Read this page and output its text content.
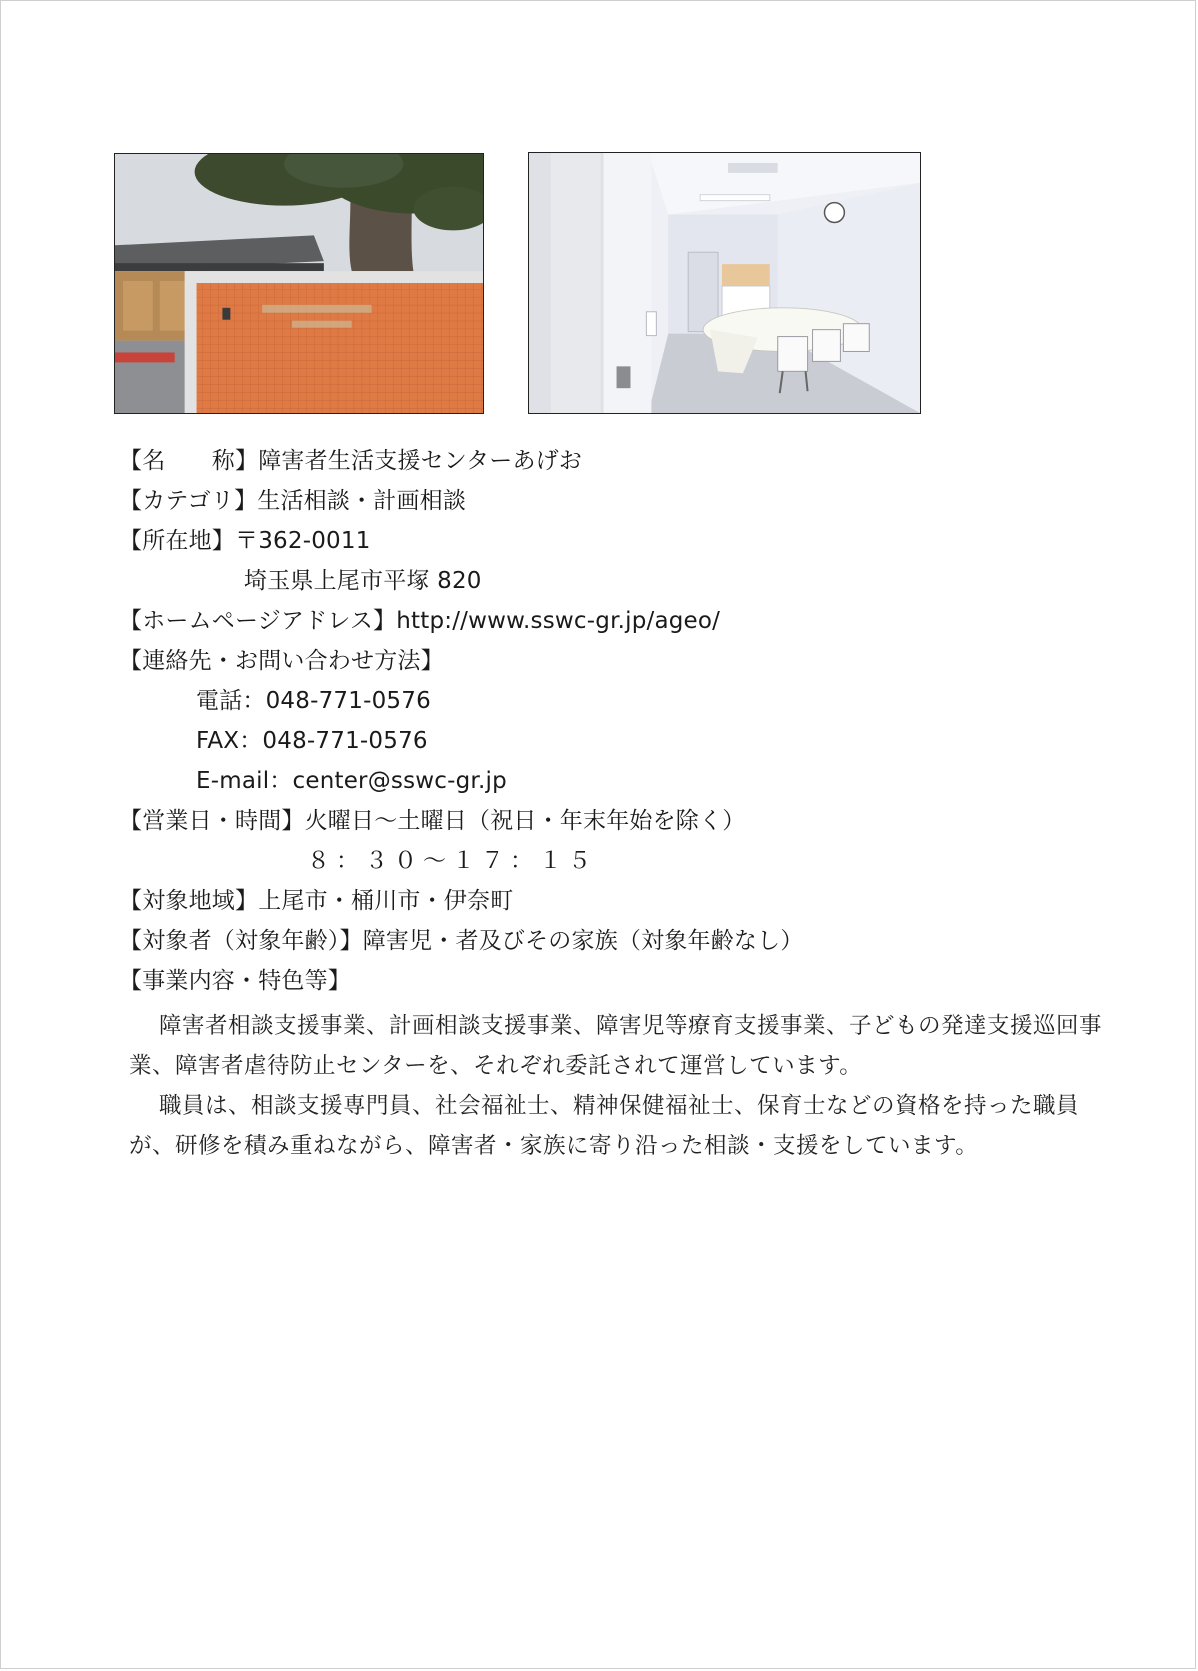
【名　　称】障害者生活支援センターあげお
【カテゴリ】生活相談・計画相談
【所在地】〒362-0011
埼玉県上尾市平塚 820
【ホームページアドレス】http://www.sswc-gr.jp/ageo/
【連絡先・お問い合わせ方法】
電話：048-771-0576
FAX：048-771-0576
E-mail：center@sswc-gr.jp
【営業日・時間】火曜日～土曜日（祝日・年末年始を除く）
８：３０～１７：１５
【対象地域】上尾市・桶川市・伊奈町
【対象者（対象年齢）】障害児・者及びその家族（対象年齢なし）
【事業内容・特色等】
障害者相談支援事業、計画相談支援事業、障害児等療育支援事業、子どもの発達支援巡回事業、障害者虐待防止センターを、それぞれ委託されて運営しています。
職員は、相談支援専門員、社会福祉士、精神保健福祉士、保育士などの資格を持った職員が、研修を積み重ねながら、障害者・家族に寄り沿った相談・支援をしています。
